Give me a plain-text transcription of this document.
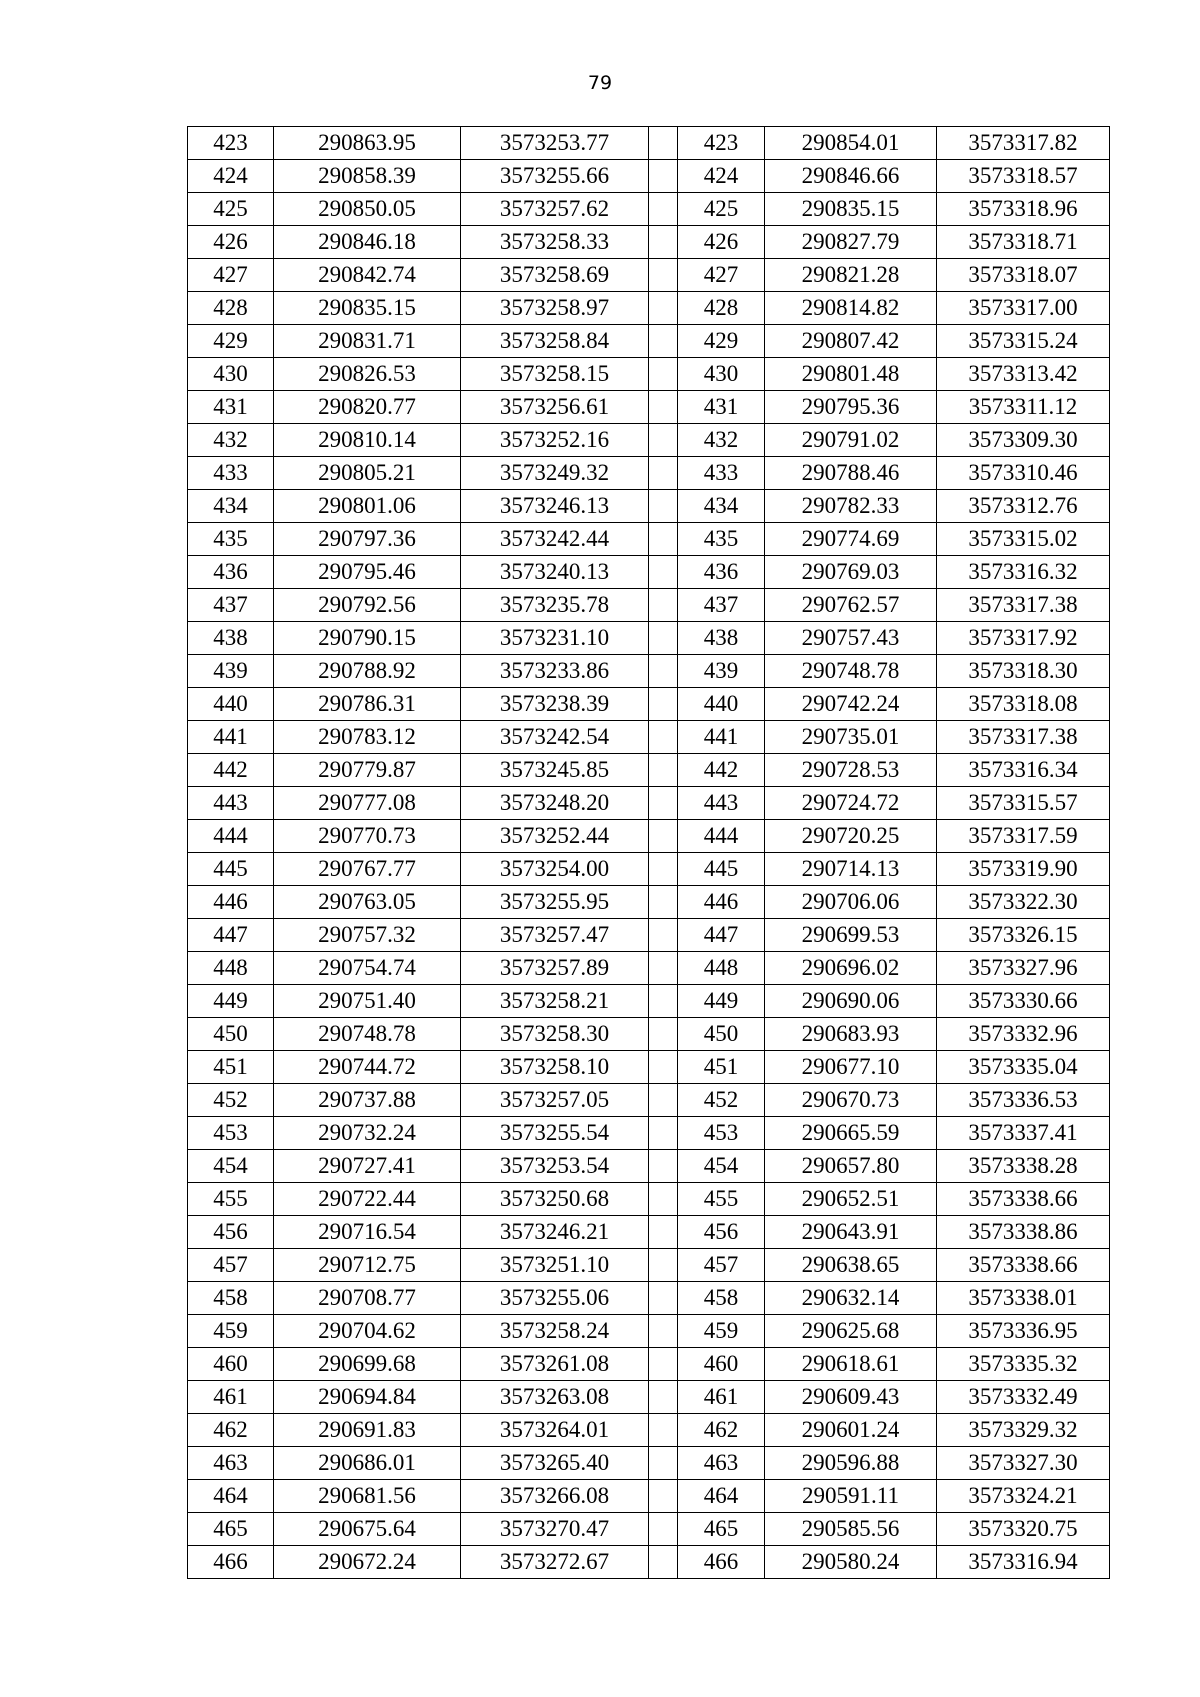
79
423	290863.95	3573253.77		423	290854.01	3573317.82
424	290858.39	3573255.66		424	290846.66	3573318.57
425	290850.05	3573257.62		425	290835.15	3573318.96
426	290846.18	3573258.33		426	290827.79	3573318.71
427	290842.74	3573258.69		427	290821.28	3573318.07
428	290835.15	3573258.97		428	290814.82	3573317.00
429	290831.71	3573258.84		429	290807.42	3573315.24
430	290826.53	3573258.15		430	290801.48	3573313.42
431	290820.77	3573256.61		431	290795.36	3573311.12
432	290810.14	3573252.16		432	290791.02	3573309.30
433	290805.21	3573249.32		433	290788.46	3573310.46
434	290801.06	3573246.13		434	290782.33	3573312.76
435	290797.36	3573242.44		435	290774.69	3573315.02
436	290795.46	3573240.13		436	290769.03	3573316.32
437	290792.56	3573235.78		437	290762.57	3573317.38
438	290790.15	3573231.10		438	290757.43	3573317.92
439	290788.92	3573233.86		439	290748.78	3573318.30
440	290786.31	3573238.39		440	290742.24	3573318.08
441	290783.12	3573242.54		441	290735.01	3573317.38
442	290779.87	3573245.85		442	290728.53	3573316.34
443	290777.08	3573248.20		443	290724.72	3573315.57
444	290770.73	3573252.44		444	290720.25	3573317.59
445	290767.77	3573254.00		445	290714.13	3573319.90
446	290763.05	3573255.95		446	290706.06	3573322.30
447	290757.32	3573257.47		447	290699.53	3573326.15
448	290754.74	3573257.89		448	290696.02	3573327.96
449	290751.40	3573258.21		449	290690.06	3573330.66
450	290748.78	3573258.30		450	290683.93	3573332.96
451	290744.72	3573258.10		451	290677.10	3573335.04
452	290737.88	3573257.05		452	290670.73	3573336.53
453	290732.24	3573255.54		453	290665.59	3573337.41
454	290727.41	3573253.54		454	290657.80	3573338.28
455	290722.44	3573250.68		455	290652.51	3573338.66
456	290716.54	3573246.21		456	290643.91	3573338.86
457	290712.75	3573251.10		457	290638.65	3573338.66
458	290708.77	3573255.06		458	290632.14	3573338.01
459	290704.62	3573258.24		459	290625.68	3573336.95
460	290699.68	3573261.08		460	290618.61	3573335.32
461	290694.84	3573263.08		461	290609.43	3573332.49
462	290691.83	3573264.01		462	290601.24	3573329.32
463	290686.01	3573265.40		463	290596.88	3573327.30
464	290681.56	3573266.08		464	290591.11	3573324.21
465	290675.64	3573270.47		465	290585.56	3573320.75
466	290672.24	3573272.67		466	290580.24	3573316.94
